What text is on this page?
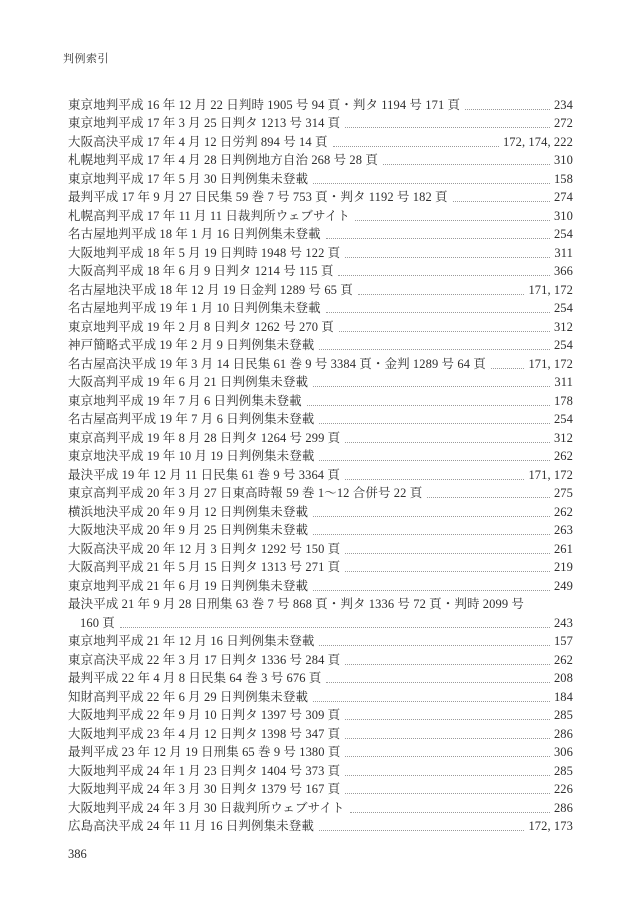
判例索引
東京地判平成 16 年 12 月 22 日判時 1905 号 94 頁・判タ 1194 号 171 頁	234
東京地判平成 17 年 3 月 25 日判タ 1213 号 314 頁	272
大阪高決平成 17 年 4 月 12 日労判 894 号 14 頁	172, 174, 222
札幌地判平成 17 年 4 月 28 日判例地方自治 268 号 28 頁	310
東京地判平成 17 年 5 月 30 日判例集未登載	158
最判平成 17 年 9 月 27 日民集 59 巻 7 号 753 頁・判タ 1192 号 182 頁	274
札幌高判平成 17 年 11 月 11 日裁判所ウェブサイト	310
名古屋地判平成 18 年 1 月 16 日判例集未登載	254
大阪地判平成 18 年 5 月 19 日判時 1948 号 122 頁	311
大阪高判平成 18 年 6 月 9 日判タ 1214 号 115 頁	366
名古屋地決平成 18 年 12 月 19 日金判 1289 号 65 頁	171, 172
名古屋地判平成 19 年 1 月 10 日判例集未登載	254
東京地判平成 19 年 2 月 8 日判タ 1262 号 270 頁	312
神戸簡略式平成 19 年 2 月 9 日判例集未登載	254
名古屋高決平成 19 年 3 月 14 日民集 61 巻 9 号 3384 頁・金判 1289 号 64 頁	171, 172
大阪高判平成 19 年 6 月 21 日判例集未登載	311
東京地判平成 19 年 7 月 6 日判例集未登載	178
名古屋高判平成 19 年 7 月 6 日判例集未登載	254
東京高判平成 19 年 8 月 28 日判タ 1264 号 299 頁	312
東京地決平成 19 年 10 月 19 日判例集未登載	262
最決平成 19 年 12 月 11 日民集 61 巻 9 号 3364 頁	171, 172
東京高判平成 20 年 3 月 27 日東高時報 59 巻 1～12 合併号 22 頁	275
横浜地決平成 20 年 9 月 12 日判例集未登載	262
大阪地決平成 20 年 9 月 25 日判例集未登載	263
大阪高決平成 20 年 12 月 3 日判タ 1292 号 150 頁	261
大阪高判平成 21 年 5 月 15 日判タ 1313 号 271 頁	219
東京地判平成 21 年 6 月 19 日判例集未登載	249
最決平成 21 年 9 月 28 日刑集 63 巻 7 号 868 頁・判タ 1336 号 72 頁・判時 2099 号
160 頁	243
東京地判平成 21 年 12 月 16 日判例集未登載	157
東京高決平成 22 年 3 月 17 日判タ 1336 号 284 頁	262
最判平成 22 年 4 月 8 日民集 64 巻 3 号 676 頁	208
知財高判平成 22 年 6 月 29 日判例集未登載	184
大阪地判平成 22 年 9 月 10 日判タ 1397 号 309 頁	285
大阪地判平成 23 年 4 月 12 日判タ 1398 号 347 頁	286
最判平成 23 年 12 月 19 日刑集 65 巻 9 号 1380 頁	306
大阪地判平成 24 年 1 月 23 日判タ 1404 号 373 頁	285
大阪地判平成 24 年 3 月 30 日判タ 1379 号 167 頁	226
大阪地判平成 24 年 3 月 30 日裁判所ウェブサイト	286
広島高決平成 24 年 11 月 16 日判例集未登載	172, 173
386
